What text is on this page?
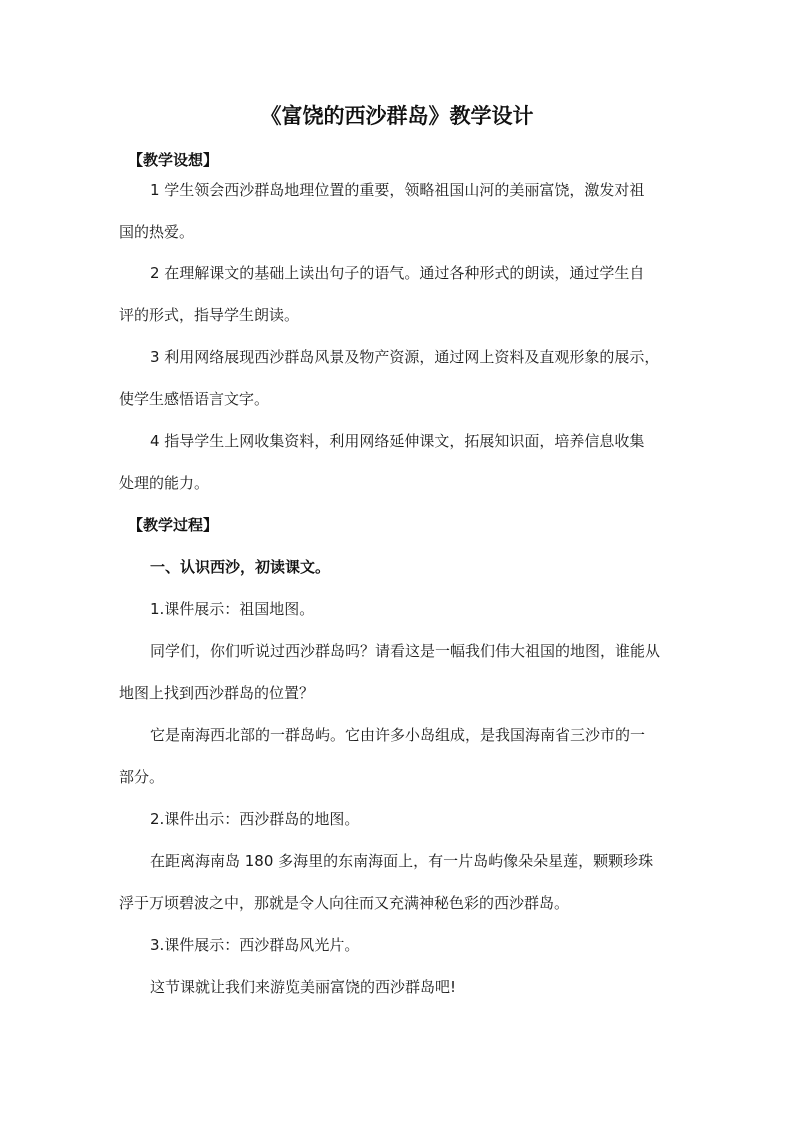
《富饶的西沙群岛》教学设计
【教学设想】
1 学生领会西沙群岛地理位置的重要，领略祖国山河的美丽富饶，激发对祖
国的热爱。
2 在理解课文的基础上读出句子的语气。通过各种形式的朗读，通过学生自
评的形式，指导学生朗读。
3 利用网络展现西沙群岛风景及物产资源，通过网上资料及直观形象的展示，
使学生感悟语言文字。
4 指导学生上网收集资料，利用网络延伸课文，拓展知识面，培养信息收集
处理的能力。
【教学过程】
一、认识西沙，初读课文。
1.课件展示：祖国地图。
同学们，你们听说过西沙群岛吗？请看这是一幅我们伟大祖国的地图，谁能从
地图上找到西沙群岛的位置？
它是南海西北部的一群岛屿。它由许多小岛组成，是我国海南省三沙市的一
部分。
2.课件出示：西沙群岛的地图。
在距离海南岛 180 多海里的东南海面上，有一片岛屿像朵朵星莲，颗颗珍珠
浮于万顷碧波之中，那就是令人向往而又充满神秘色彩的西沙群岛。
3.课件展示：西沙群岛风光片。
这节课就让我们来游览美丽富饶的西沙群岛吧!
